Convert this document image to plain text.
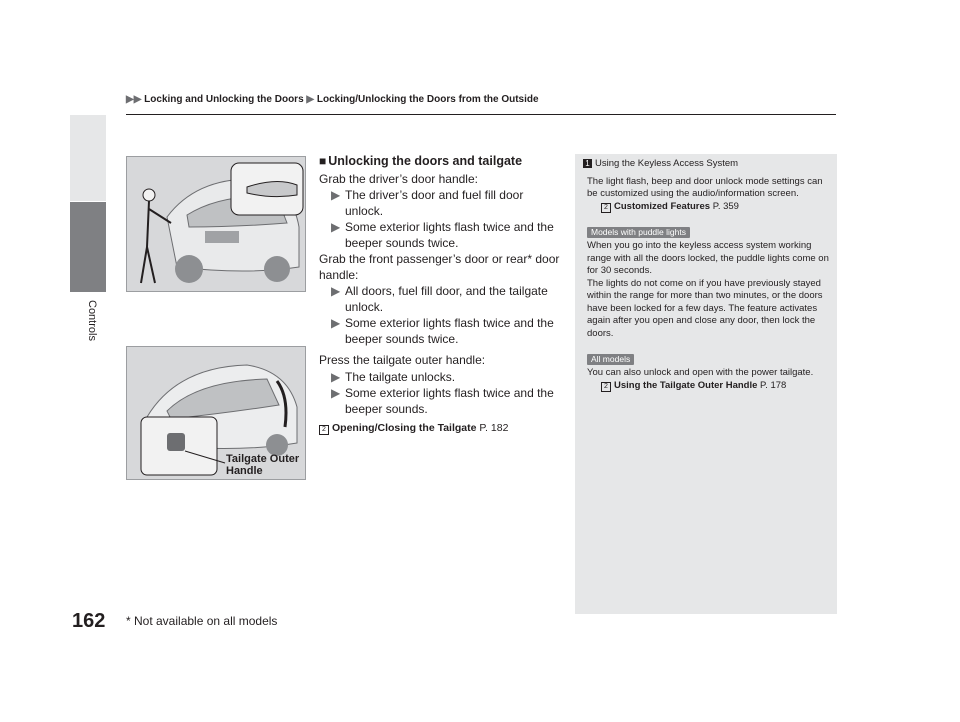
▶▶ Locking and Unlocking the Doors ▶ Locking/Unlocking the Doors from the Outside
Controls
Tailgate Outer Handle
■ Unlocking the doors and tailgate

Grab the driver’s door handle:

▶ The driver’s door and fuel fill door unlock.
▶ Some exterior lights flash twice and the beeper sounds twice.

Grab the front passenger’s door or rear* door handle:

▶ All doors, fuel fill door, and the tailgate unlock.
▶ Some exterior lights flash twice and the beeper sounds twice.

Press the tailgate outer handle:

▶ The tailgate unlocks.
▶ Some exterior lights flash twice and the beeper sounds.
2 Opening/Closing the Tailgate P. 182
1 Using the Keyless Access System

The light flash, beep and door unlock mode settings can be customized using the audio/information screen.

2 Customized Features P. 359
Models with puddle lights

When you go into the keyless access system working range with all the doors locked, the puddle lights come on for 30 seconds.

The lights do not come on if you have previously stayed within the range for more than two minutes, or the doors have been locked for a few days. The feature activates again after you open and close any door, then lock the doors.

All models

You can also unlock and open with the power tailgate.

2 Using the Tailgate Outer Handle P. 178
162 * Not available on all models
